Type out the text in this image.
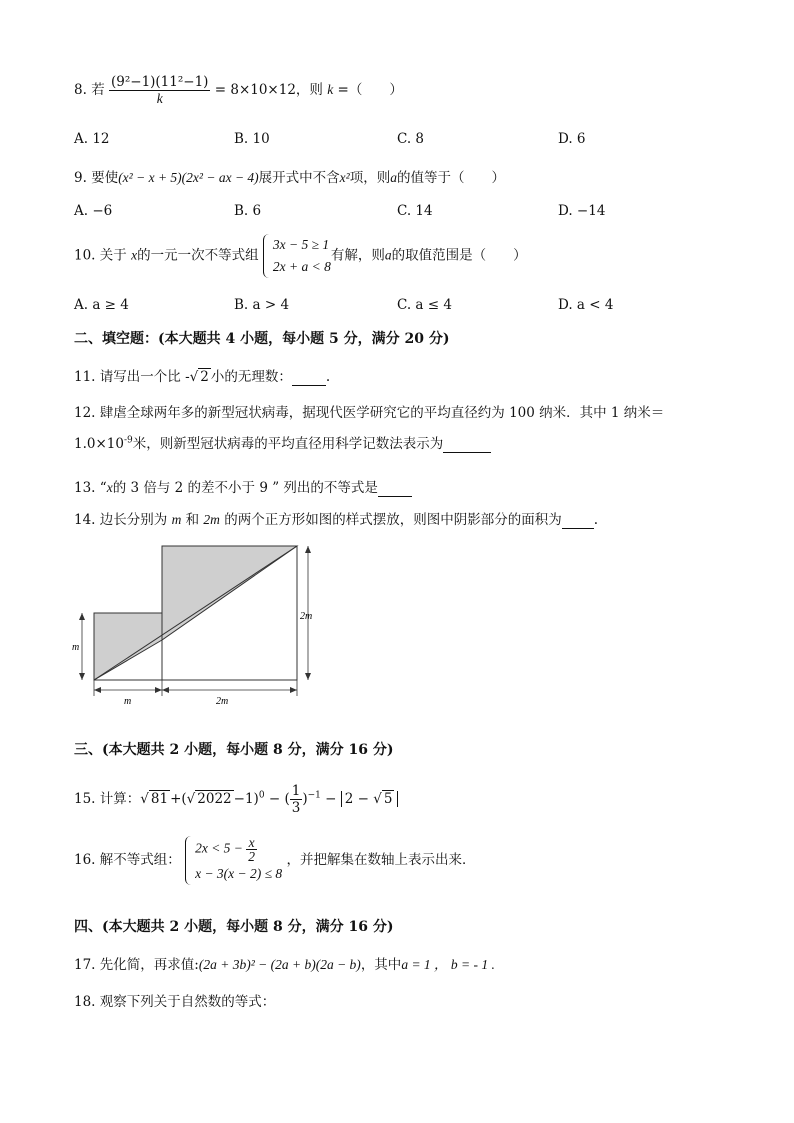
8. 若 $\frac{\text{(9²−1)(11²−1)}}{k} = 8\times 10\times 12$，则 k =（　　）
A. 12	B. 10	C. 8	D. 6
9. 要使(x² − x + 5)(2x² − ax − 4)展开式中不含x²项，则a的值等于（　　）
A. −6	B. 6	C. 14	D. −14
10. 关于 x的一元一次不等式组
3x − 5 ≥ 1
2x + a < 8
有解，则a的取值范围是（　　）
A. a ≥ 4	B. a > 4	C. a ≤ 4	D. a < 4
二、填空题：(本大题共 4 小题，每小题 5 分，满分 20 分)
11. 请写出一个比 -√ 2 小的无理数：	.
12. 肆虐全球两年多的新型冠状病毒，据现代医学研究它的平均直径约为 100 纳米．其中 1 纳米＝
$1.0\times 10^{-9}$米，则新型冠状病毒的平均直径用科学记数法表示为
13. “x的 3 倍与 2 的差不小于 9 ” 列出的不等式是
14. 边长分别为 m 和 2m 的两个正方形如图的样式摆放，则图中阴影部分的面积为 .
m
2m
m	2m
三、(本大题共 2 小题，每小题 8 分，满分 16 分)
15. 计算：√ 81 +(√ 2022 −1)$^0$ − ( $\frac{1}{3} )^{-1} - 2$ − √ 5
16. 解不等式组：
$2x < 5 - \frac{x}{2}$
x − 3(x − 2) ≤ 8
，并把解集在数轴上表示出来．
四、(本大题共 2 小题，每小题 8 分，满分 16 分)
17. 先化简，再求值:(2a + 3b)² − (2a + b)(2a − b)，其中a = 1 ， b = - 1 .
18. 观察下列关于自然数的等式：
